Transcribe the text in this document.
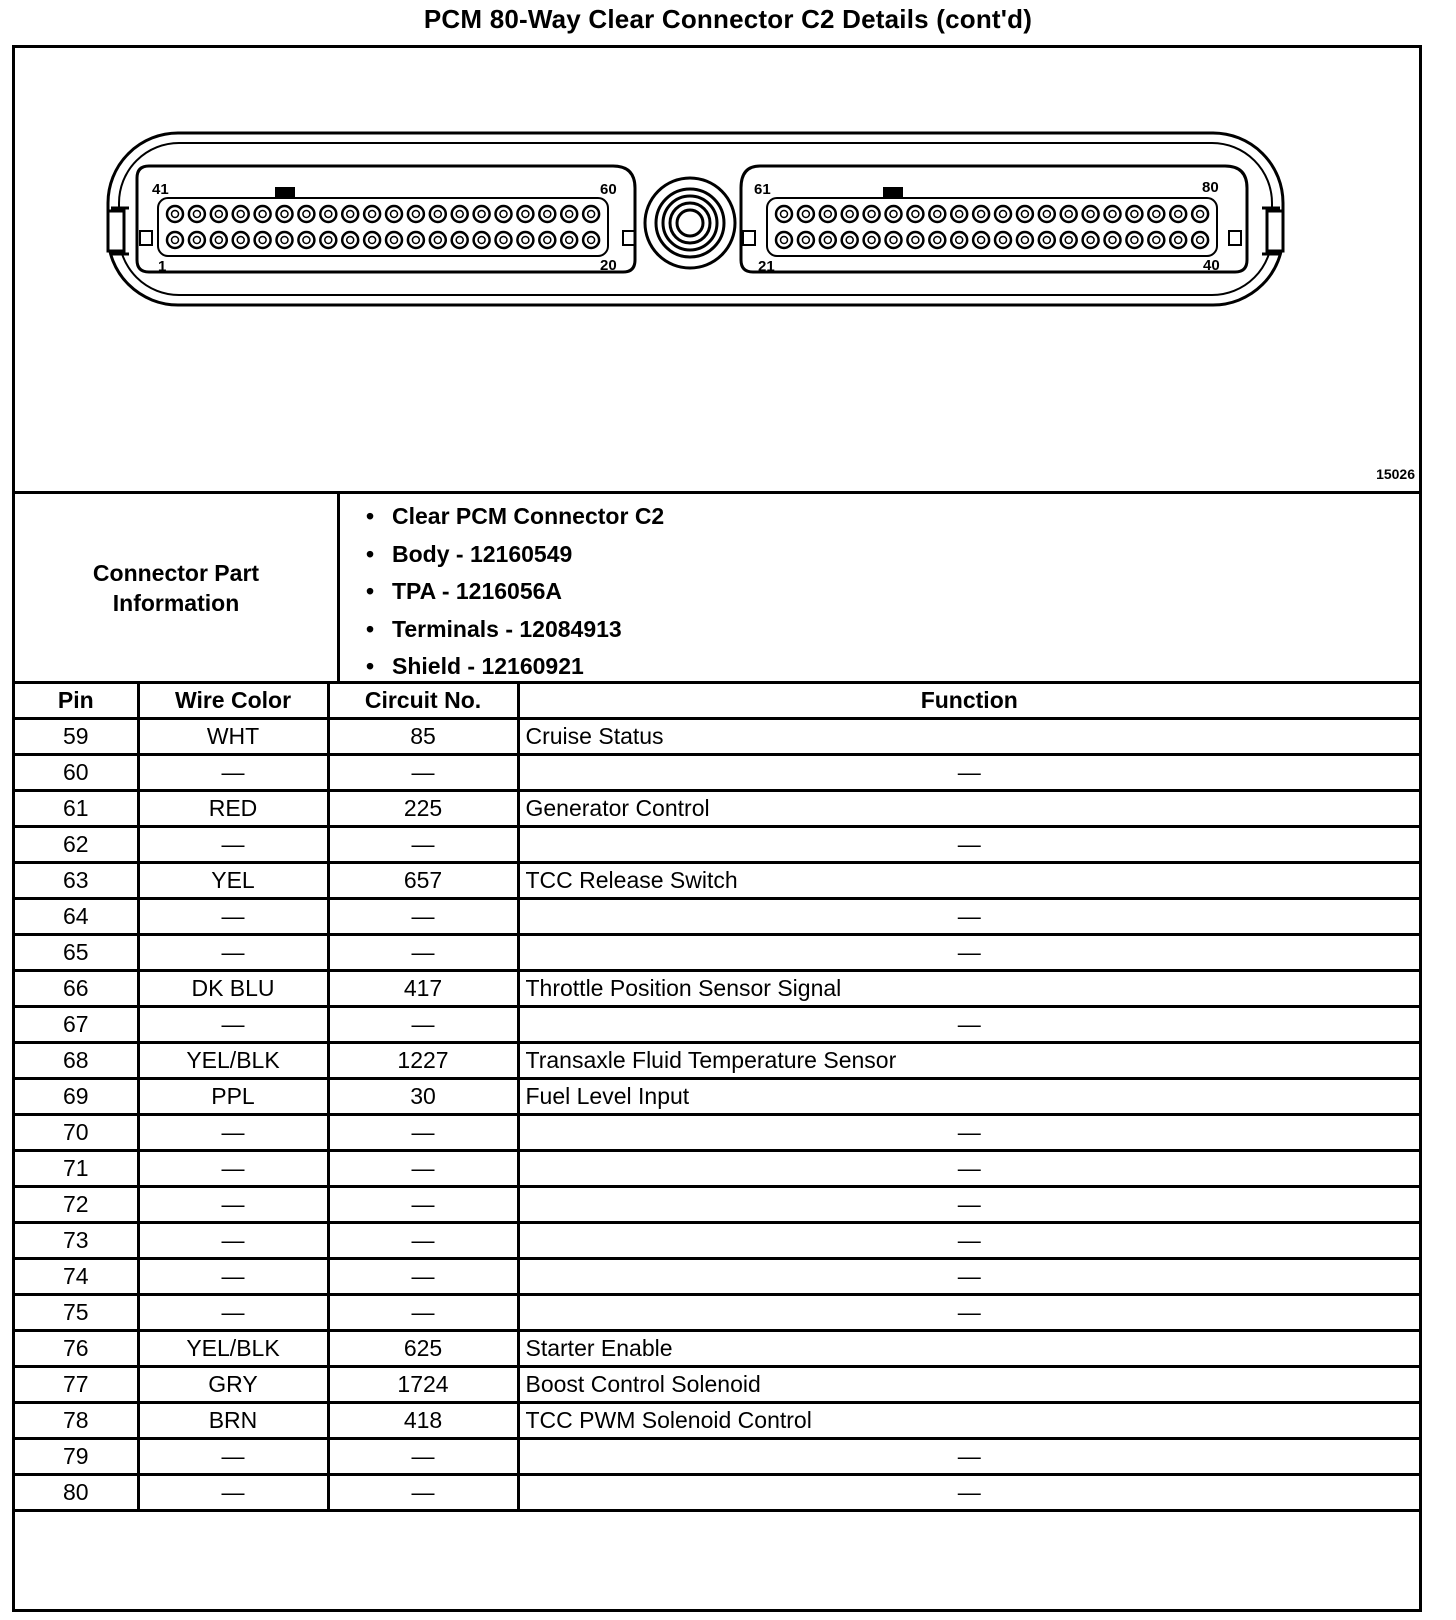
PCM 80-Way Clear Connector C2 Details (cont'd)
41	60
1	20
61	80
21	40
15026
Connector Part Information
• Clear PCM Connector C2
• Body - 12160549
• TPA - 1216056A
• Terminals - 12084913
• Shield - 12160921
Pin	Wire Color	Circuit No.	Function
59	WHT	85	Cruise Status
60	—	—	—
61	RED	225	Generator Control
62	—	—	—
63	YEL	657	TCC Release Switch
64	—	—	—
65	—	—	—
66	DK BLU	417	Throttle Position Sensor Signal
67	—	—	—
68	YEL/BLK	1227	Transaxle Fluid Temperature Sensor
69	PPL	30	Fuel Level Input
70	—	—	—
71	—	—	—
72	—	—	—
73	—	—	—
74	—	—	—
75	—	—	—
76	YEL/BLK	625	Starter Enable
77	GRY	1724	Boost Control Solenoid
78	BRN	418	TCC PWM Solenoid Control
79	—	—	—
80	—	—	—
